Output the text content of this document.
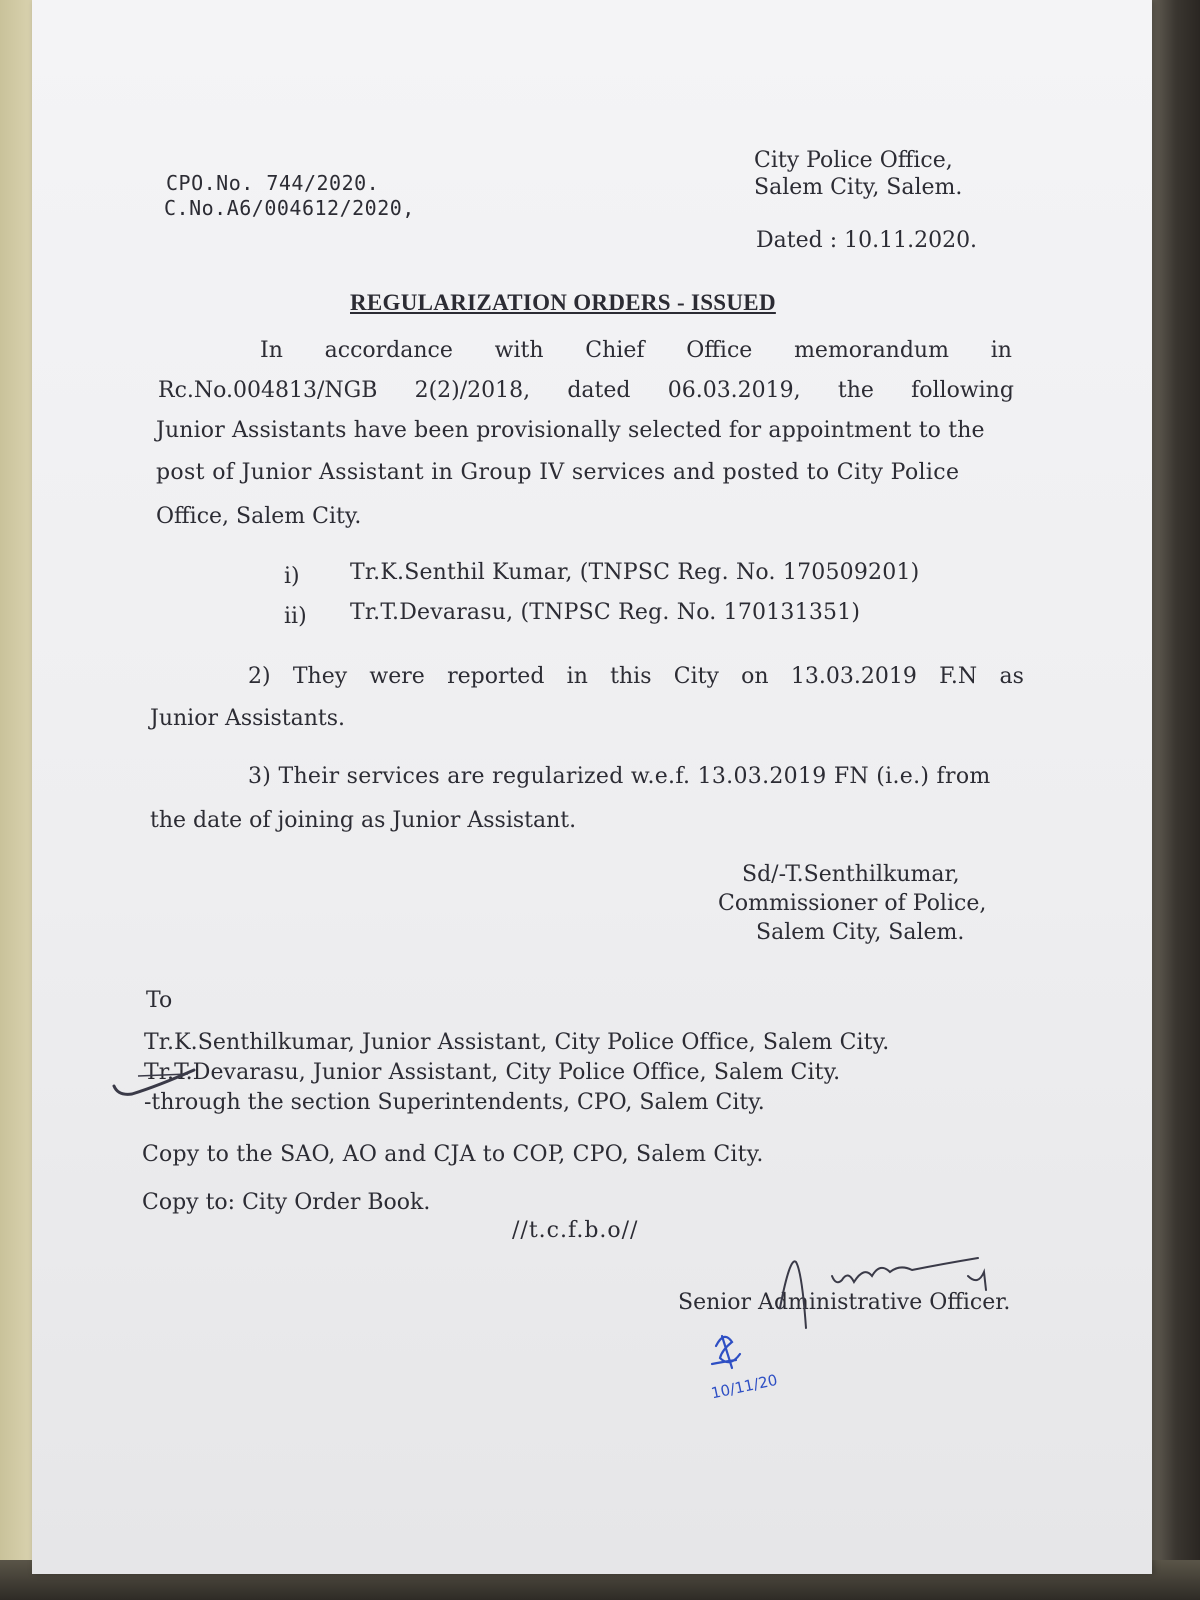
CPO.No. 744/2020.
C.No.A6/004612/2020,
City Police Office,
Salem City, Salem.
Dated : 10.11.2020.
REGULARIZATION ORDERS - ISSUED
In accordance with Chief Office memorandum in
Rc.No.004813/NGB 2(2)/2018, dated 06.03.2019, the following
Junior Assistants have been provisionally selected for appointment to the
post of Junior Assistant in Group IV services and posted to City Police
Office, Salem City.
i) Tr.K.Senthil Kumar, (TNPSC Reg. No. 170509201)
ii) Tr.T.Devarasu, (TNPSC Reg. No. 170131351)
2) They were reported in this City on 13.03.2019 F.N as
Junior Assistants.
3) Their services are regularized w.e.f. 13.03.2019 FN (i.e.) from
the date of joining as Junior Assistant.
Sd/-T.Senthilkumar,
Commissioner of Police,
Salem City, Salem.
To
Tr.K.Senthilkumar, Junior Assistant, City Police Office, Salem City.
Tr.T.Devarasu, Junior Assistant, City Police Office, Salem City.
-through the section Superintendents, CPO, Salem City.
Copy to the SAO, AO and CJA to COP, CPO, Salem City.
Copy to: City Order Book.
//t.c.f.b.o//
Senior Administrative Officer.
10/11/20
